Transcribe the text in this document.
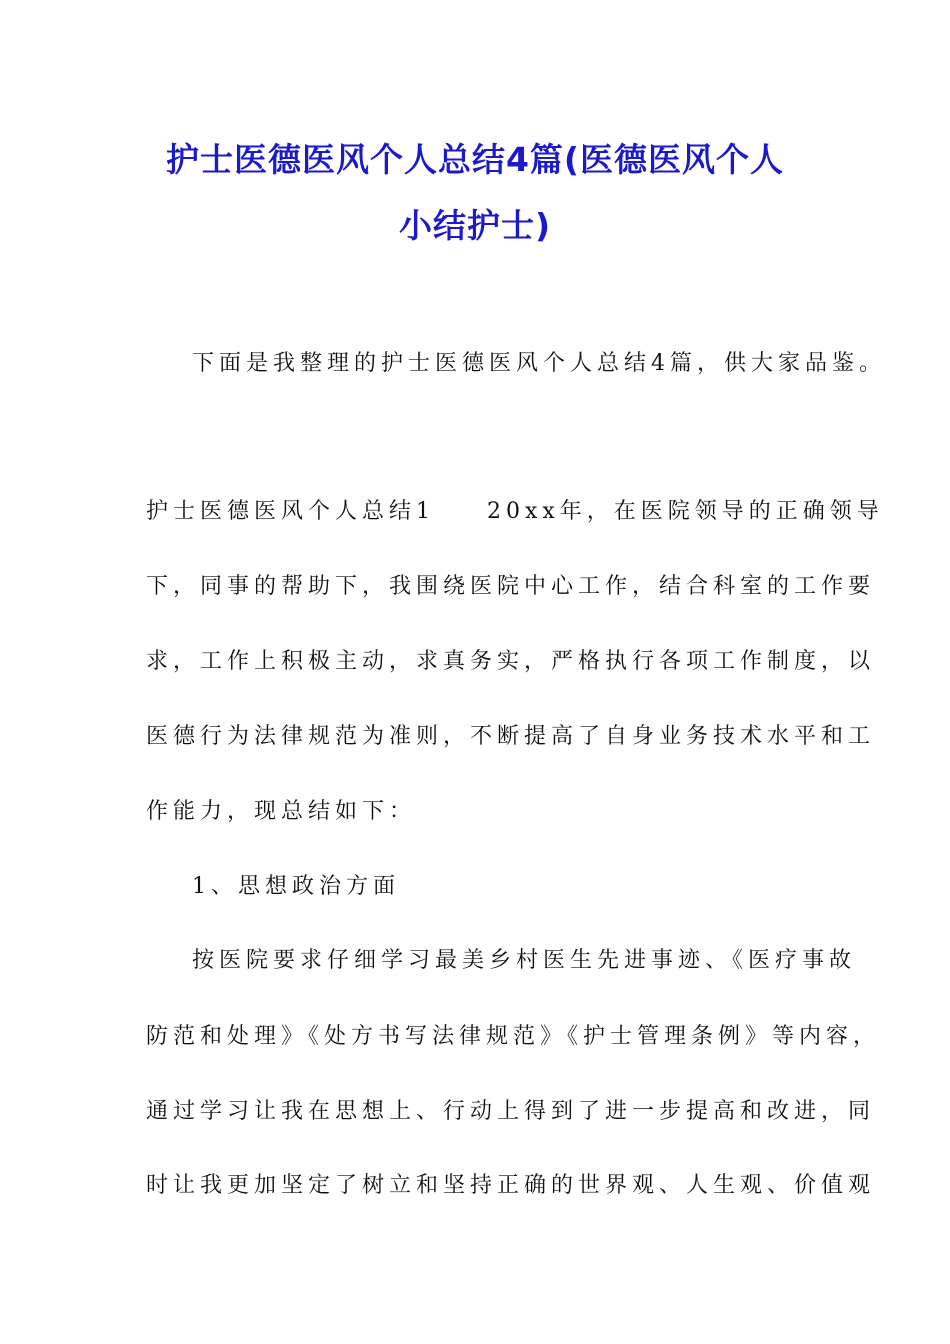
护士医德医风个人总结4篇(医德医风个人
小结护士)
下面是我整理的护士医德医风个人总结4篇，供大家品鉴。
护士医德医风个人总结1 20xx年，在医院领导的正确领导
下，同事的帮助下，我围绕医院中心工作，结合科室的工作要
求，工作上积极主动，求真务实，严格执行各项工作制度，以
医德行为法律规范为准则，不断提高了自身业务技术水平和工
作能力，现总结如下：
1、思想政治方面
按医院要求仔细学习最美乡村医生先进事迹、《医疗事故
防范和处理》《处方书写法律规范》《护士管理条例》等内容，
通过学习让我在思想上、行动上得到了进一步提高和改进，同
时让我更加坚定了树立和坚持正确的世界观、人生观、价值观
